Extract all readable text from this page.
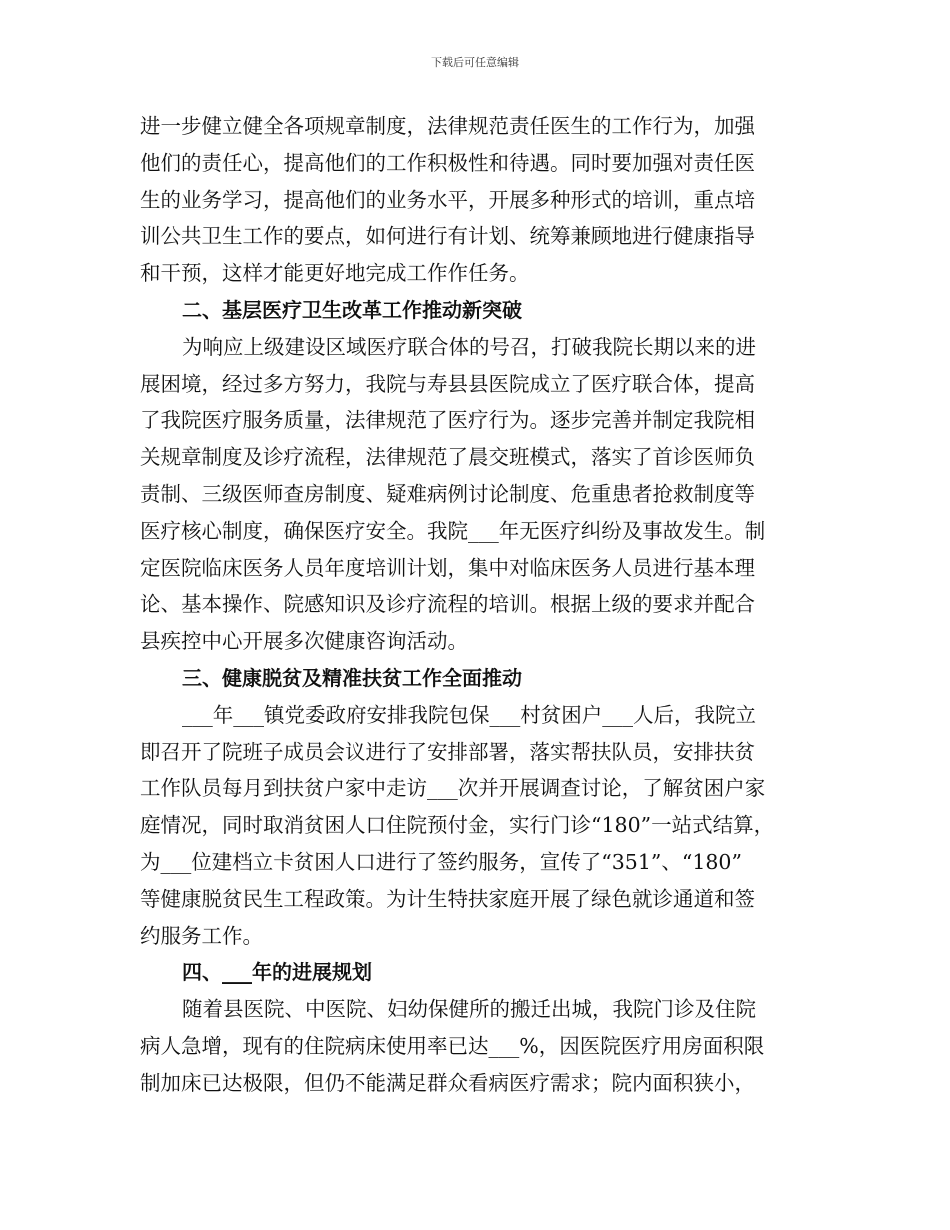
下载后可任意编辑
进一步健立健全各项规章制度，法律规范责任医生的工作行为，加强
他们的责任心，提高他们的工作积极性和待遇。同时要加强对责任医
生的业务学习，提高他们的业务水平，开展多种形式的培训，重点培
训公共卫生工作的要点，如何进行有计划、统筹兼顾地进行健康指导
和干预，这样才能更好地完成工作作任务。
二、基层医疗卫生改革工作推动新突破
为响应上级建设区域医疗联合体的号召，打破我院长期以来的进
展困境，经过多方努力，我院与寿县县医院成立了医疗联合体，提高
了我院医疗服务质量，法律规范了医疗行为。逐步完善并制定我院相
关规章制度及诊疗流程，法律规范了晨交班模式，落实了首诊医师负
责制、三级医师查房制度、疑难病例讨论制度、危重患者抢救制度等
医疗核心制度，确保医疗安全。我院___年无医疗纠纷及事故发生。制
定医院临床医务人员年度培训计划，集中对临床医务人员进行基本理
论、基本操作、院感知识及诊疗流程的培训。根据上级的要求并配合
县疾控中心开展多次健康咨询活动。
三、健康脱贫及精准扶贫工作全面推动
___年___镇党委政府安排我院包保___村贫困户___人后，我院立
即召开了院班子成员会议进行了安排部署，落实帮扶队员，安排扶贫
工作队员每月到扶贫户家中走访___次并开展调查讨论，了解贫困户家
庭情况，同时取消贫困人口住院预付金，实行门诊“180”一站式结算，
为___位建档立卡贫困人口进行了签约服务，宣传了“351”、“180”
等健康脱贫民生工程政策。为计生特扶家庭开展了绿色就诊通道和签
约服务工作。
四、___年的进展规划
随着县医院、中医院、妇幼保健所的搬迁出城，我院门诊及住院
病人急增，现有的住院病床使用率已达___%，因医院医疗用房面积限
制加床已达极限，但仍不能满足群众看病医疗需求；院内面积狭小，
